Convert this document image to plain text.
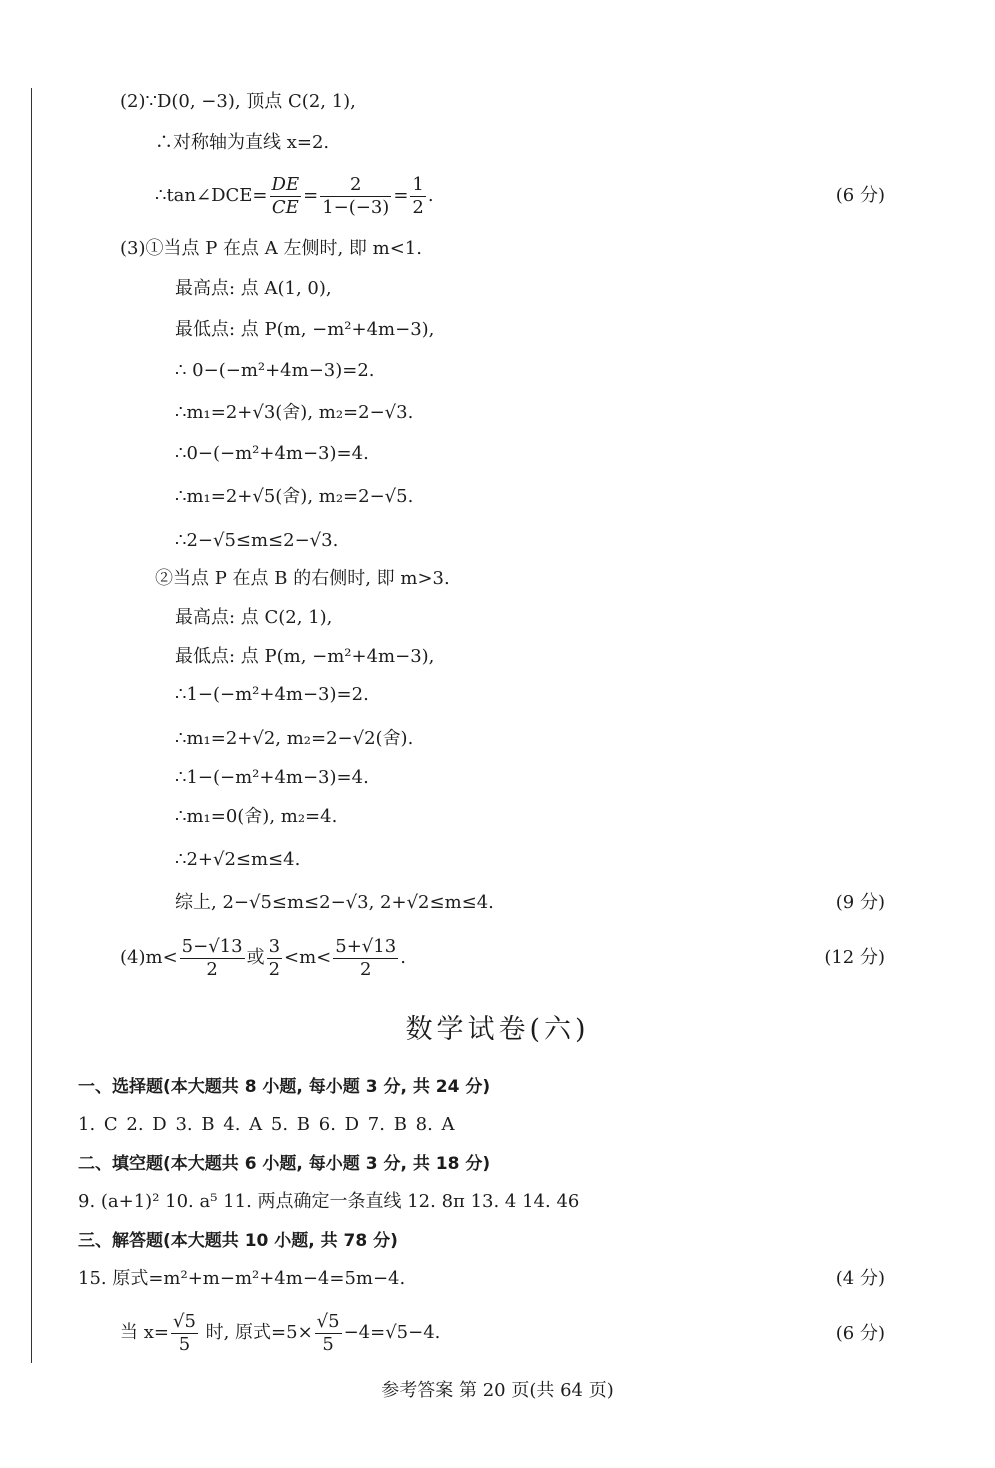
(2)∵D(0, −3), 顶点 C(2, 1),
∴对称轴为直线 x=2.
∴tan∠DCE= $\frac{DE}{CE} = \frac{2}{1-(-3)} = \frac{1}{2}$ .	(6 分)
(3)①当点 P 在点 A 左侧时, 即 m<1.
最高点: 点 A(1, 0),
最低点: 点 P(m, −m²+4m−3),
∴ 0−(−m²+4m−3)=2.
∴m₁=2+√3(舍), m₂=2−√3.
∴0−(−m²+4m−3)=4.
∴m₁=2+√5(舍), m₂=2−√5.
∴2−√5≤m≤2−√3.
②当点 P 在点 B 的右侧时, 即 m>3.
最高点: 点 C(2, 1),
最低点: 点 P(m, −m²+4m−3),
∴1−(−m²+4m−3)=2.
∴m₁=2+√2, m₂=2−√2(舍).
∴1−(−m²+4m−3)=4.
∴m₁=0(舍), m₂=4.
∴2+√2≤m≤4.
综上, 2−√5≤m≤2−√3, 2+√2≤m≤4.	(9 分)
$(4)m< \frac{5-√13}{2}$ 或 $\frac{3}{2} <m< \frac{5+√13}{2}$ .	(12 分)
数学试卷(六)
一、选择题(本大题共 8 小题, 每小题 3 分, 共 24 分)
1. C 2. D 3. B 4. A 5. B 6. D 7. B 8. A
二、填空题(本大题共 6 小题, 每小题 3 分, 共 18 分)
9. (a+1)² 10. a⁵ 11. 两点确定一条直线 12. 8π 13. 4 14. 46
三、解答题(本大题共 10 小题, 共 78 分)
15. 原式=m²+m−m²+4m−4=5m−4.	(4 分)
当 $x= \frac{√5}{5}$ 时, 原式$=5\times \frac{√5}{5} -4=√5-4$.	(6 分)
参考答案 第 20 页(共 64 页)
